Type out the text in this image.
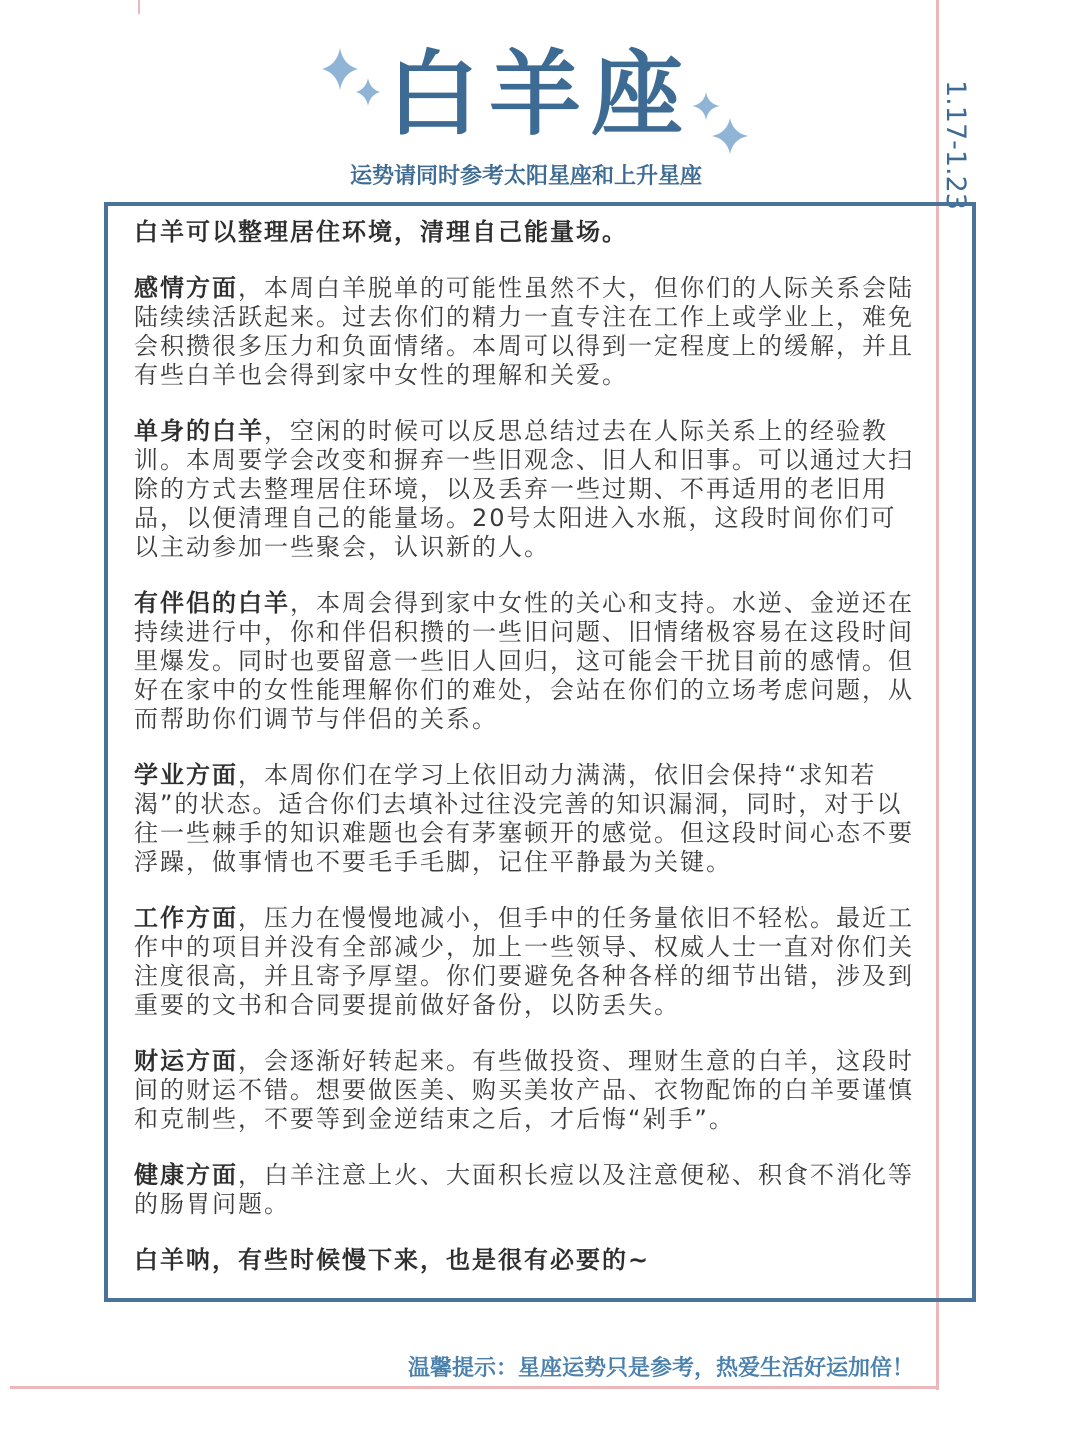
白羊座
运势请同时参考太阳星座和上升星座	1.17-1.23

白羊可以整理居住环境，清理自己能量场。

感情方面，本周白羊脱单的可能性虽然不大，但你们的人际关系会陆陆续续活跃起来。过去你们的精力一直专注在工作上或学业上，难免会积攒很多压力和负面情绪。本周可以得到一定程度上的缓解，并且有些白羊也会得到家中女性的理解和关爱。

单身的白羊，空闲的时候可以反思总结过去在人际关系上的经验教训。本周要学会改变和摒弃一些旧观念、旧人和旧事。可以通过大扫除的方式去整理居住环境，以及丢弃一些过期、不再适用的老旧用品，以便清理自己的能量场。20号太阳进入水瓶，这段时间你们可以主动参加一些聚会，认识新的人。

有伴侣的白羊，本周会得到家中女性的关心和支持。水逆、金逆还在持续进行中，你和伴侣积攒的一些旧问题、旧情绪极容易在这段时间里爆发。同时也要留意一些旧人回归，这可能会干扰目前的感情。但好在家中的女性能理解你们的难处，会站在你们的立场考虑问题，从而帮助你们调节与伴侣的关系。

学业方面，本周你们在学习上依旧动力满满，依旧会保持“求知若渴”的状态。适合你们去填补过往没完善的知识漏洞，同时，对于以往一些棘手的知识难题也会有茅塞顿开的感觉。但这段时间心态不要浮躁，做事情也不要毛手毛脚，记住平静最为关键。

工作方面，压力在慢慢地减小，但手中的任务量依旧不轻松。最近工作中的项目并没有全部减少，加上一些领导、权威人士一直对你们关注度很高，并且寄予厚望。你们要避免各种各样的细节出错，涉及到重要的文书和合同要提前做好备份，以防丢失。

财运方面，会逐渐好转起来。有些做投资、理财生意的白羊，这段时间的财运不错。想要做医美、购买美妆产品、衣物配饰的白羊要谨慎和克制些，不要等到金逆结束之后，才后悔“剁手”。

健康方面，白羊注意上火、大面积长痘以及注意便秘、积食不消化等的肠胃问题。

白羊呐，有些时候慢下来，也是很有必要的~

温馨提示：星座运势只是参考，热爱生活好运加倍！
